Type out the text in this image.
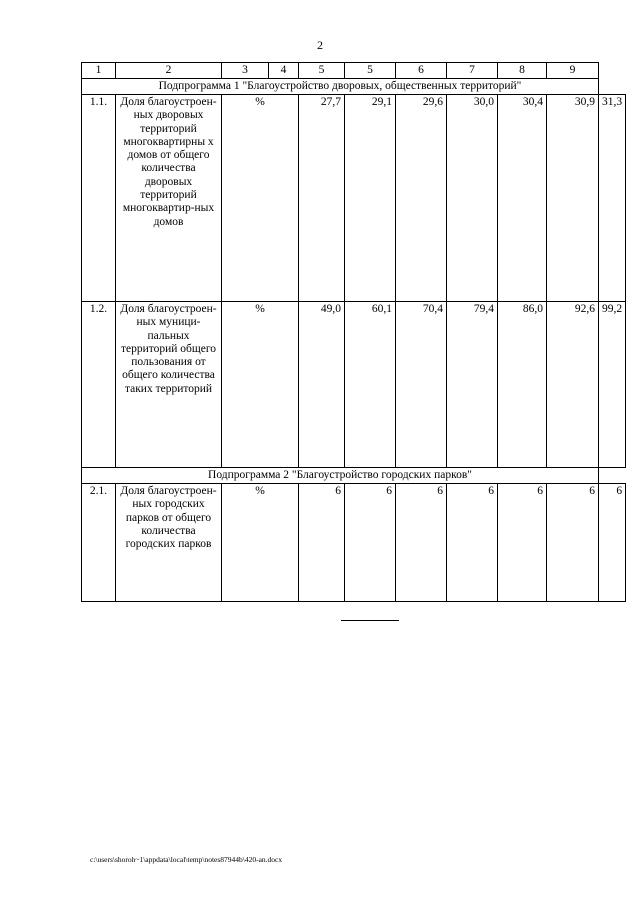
2
1	2	3	4	5	5	6	7	8	9	
Подпрограмма 1 "Благоустройство дворовых, общественных территорий"										
1.1.	Доля благоустроен-ных дворовых территорий многоквартирны х домов от общего количества дворовых территорий многоквартир-ных домов	%		27,7	29,1	29,6	30,0	30,4	30,9	31,3
1.2.	Доля благоустроен-ных муници-пальных территорий общего пользования от общего количества таких территорий	%		49,0	60,1	70,4	79,4	86,0	92,6	99,2
Подпрограмма 2 "Благоустройство городских парков"										
2.1.	Доля благоустроен-ных городских парков от общего количества городских парков	%		6	6	6	6	6	6	6
c:\users\shoroh~1\appdata\local\temp\notes87944b\420-an.docx
